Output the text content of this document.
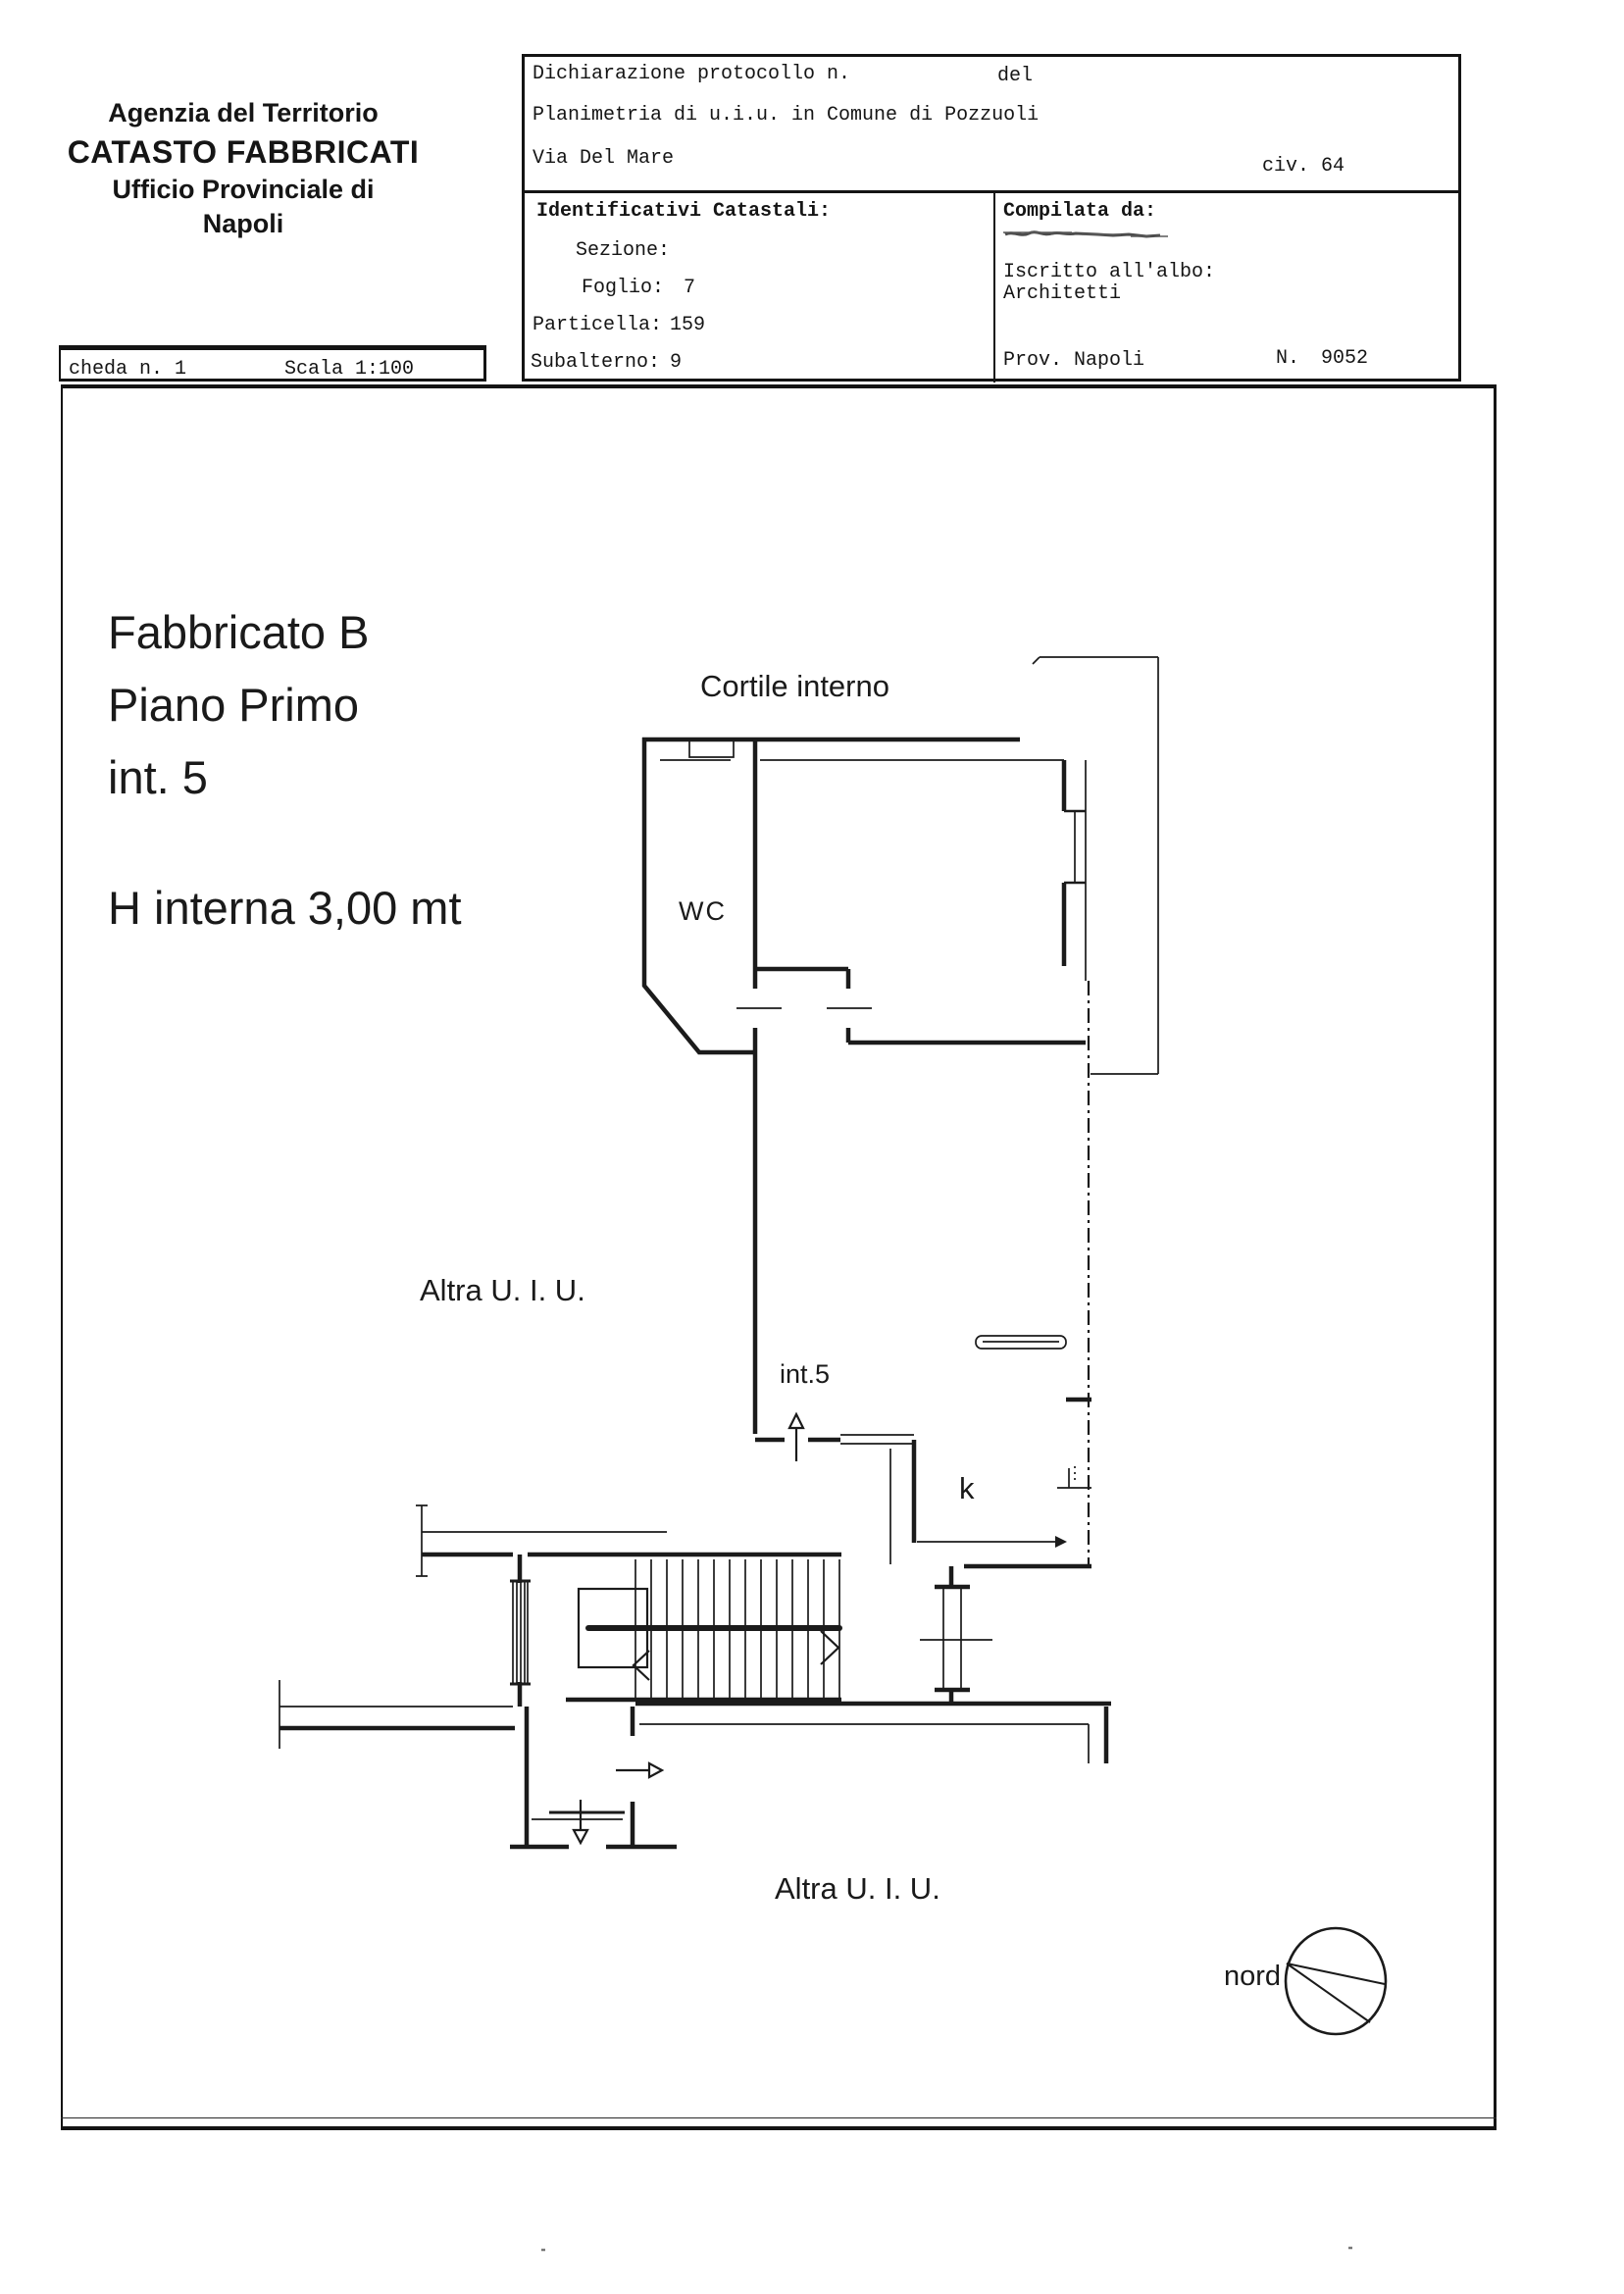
Agenzia del Territorio
CATASTO FABBRICATI
Ufficio Provinciale di
Napoli
cheda n. 1	Scala 1:100
Dichiarazione protocollo n.	del
Planimetria di u.i.u. in Comune di Pozzuoli
Via Del Mare	civ. 64
Identificativi Catastali:
Sezione:
Foglio: 7
Particella: 159
Subalterno: 9
Compilata da:
Iscritto all'albo:
Architetti
Prov. Napoli	N. 9052
Fabbricato B
Piano Primo
int. 5
H interna 3,00 mt
Cortile interno
WC
Altra U. I. U.
int.5
k
Altra U. I. U.
nord
